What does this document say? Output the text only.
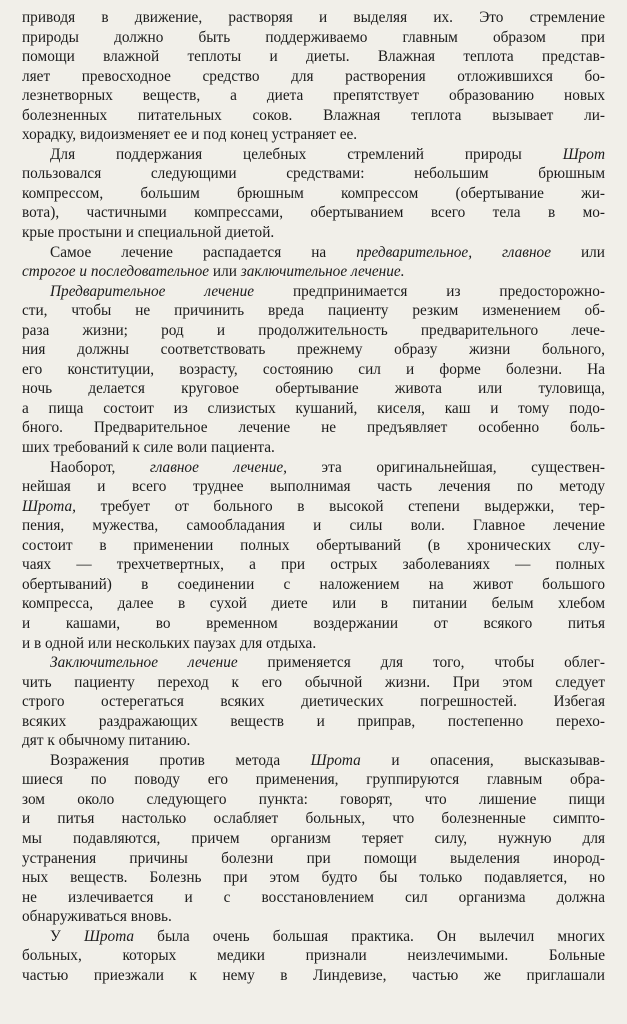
приводя в движение, растворяя и выделяя их. Это стремление
природы должно быть поддерживаемо главным образом при
помощи влажной теплоты и диеты. Влажная теплота представ-
ляет превосходное средство для растворения отложившихся бо-
лезнетворных веществ, а диета препятствует образованию новых
болезненных питательных соков. Влажная теплота вызывает ли-
хорадку, видоизменяет ее и под конец устраняет ее.
Для поддержания целебных стремлений природы Шрот
пользовался следующими средствами: небольшим брюшным
компрессом, большим брюшным компрессом (обертывание жи-
вота), частичными компрессами, обертыванием всего тела в мо-
крые простыни и специальной диетой.
Самое лечение распадается на предварительное, главное или
строгое и последовательное или заключительное лечение.
Предварительное лечение предпринимается из предосторожно-
сти, чтобы не причинить вреда пациенту резким изменением об-
раза жизни; род и продолжительность предварительного лече-
ния должны соответствовать прежнему образу жизни больного,
его конституции, возрасту, состоянию сил и форме болезни. На
ночь делается круговое обертывание живота или туловища,
а пища состоит из слизистых кушаний, киселя, каш и тому подо-
бного. Предварительное лечение не предъявляет особенно боль-
ших требований к силе воли пациента.
Наоборот, главное лечение, эта оригинальнейшая, существен-
нейшая и всего труднее выполнимая часть лечения по методу
Шрота, требует от больного в высокой степени выдержки, тер-
пения, мужества, самообладания и силы воли. Главное лечение
состоит в применении полных обертываний (в хронических слу-
чаях — трехчетвертных, а при острых заболеваниях — полных
обертываний) в соединении с наложением на живот большого
компресса, далее в сухой диете или в питании белым хлебом
и кашами, во временном воздержании от всякого питья
и в одной или нескольких паузах для отдыха.
Заключительное лечение применяется для того, чтобы облег-
чить пациенту переход к его обычной жизни. При этом следует
строго остерегаться всяких диетических погрешностей. Избегая
всяких раздражающих веществ и приправ, постепенно перехо-
дят к обычному питанию.
Возражения против метода Шрота и опасения, высказывав-
шиеся по поводу его применения, группируются главным обра-
зом около следующего пункта: говорят, что лишение пищи
и питья настолько ослабляет больных, что болезненные симпто-
мы подавляются, причем организм теряет силу, нужную для
устранения причины болезни при помощи выделения инород-
ных веществ. Болезнь при этом будто бы только подавляется, но
не излечивается и с восстановлением сил организма должна
обнаруживаться вновь.
У Шрота была очень большая практика. Он вылечил многих
больных, которых медики признали неизлечимыми. Больные
частью приезжали к нему в Линдевизе, частью же приглашали
